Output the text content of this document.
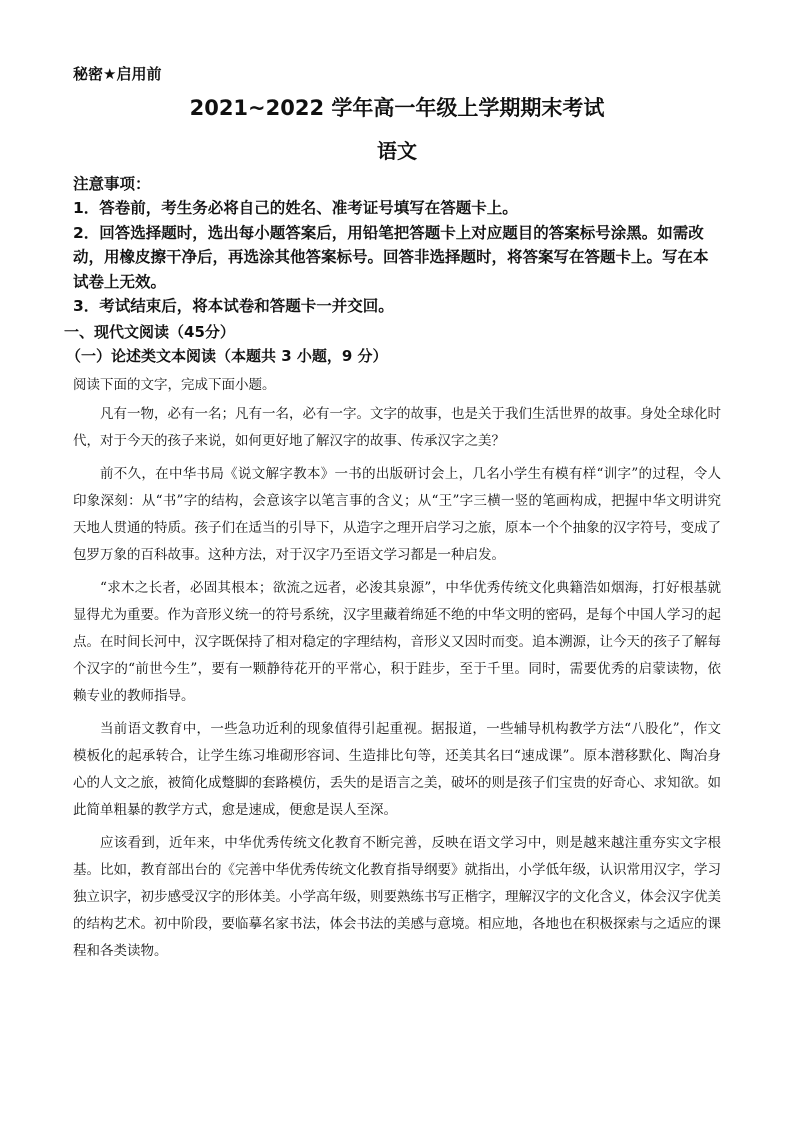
秘密★启用前
2021~2022 学年高一年级上学期期末考试
语文

注意事项：

1．答卷前，考生务必将自己的姓名、准考证号填写在答题卡上。

2．回答选择题时，选出每小题答案后，用铅笔把答题卡上对应题目的答案标号涂黑。如需改动，用橡皮擦干净后，再选涂其他答案标号。回答非选择题时，将答案写在答题卡上。写在本试卷上无效。

3．考试结束后，将本试卷和答题卡一并交回。

一、现代文阅读（45分）
（一）论述类文本阅读（本题共 3 小题，9 分）
阅读下面的文字，完成下面小题。

凡有一物，必有一名；凡有一名，必有一字。文字的故事，也是关于我们生活世界的故事。身处全球化时代，对于今天的孩子来说，如何更好地了解汉字的故事、传承汉字之美？

前不久，在中华书局《说文解字教本》一书的出版研讨会上，几名小学生有模有样“训字”的过程，令人印象深刻：从“书”字的结构，会意该字以笔言事的含义；从“王”字三横一竖的笔画构成，把握中华文明讲究天地人贯通的特质。孩子们在适当的引导下，从造字之理开启学习之旅，原本一个个抽象的汉字符号，变成了包罗万象的百科故事。这种方法，对于汉字乃至语文学习都是一种启发。

“求木之长者，必固其根本；欲流之远者，必浚其泉源”，中华优秀传统文化典籍浩如烟海，打好根基就显得尤为重要。作为音形义统一的符号系统，汉字里藏着绵延不绝的中华文明的密码，是每个中国人学习的起点。在时间长河中，汉字既保持了相对稳定的字理结构，音形义又因时而变。追本溯源，让今天的孩子了解每个汉字的“前世今生”，要有一颗静待花开的平常心，积于跬步，至于千里。同时，需要优秀的启蒙读物，依赖专业的教师指导。

当前语文教育中，一些急功近利的现象值得引起重视。据报道，一些辅导机构教学方法“八股化”，作文模板化的起承转合，让学生练习堆砌形容词、生造排比句等，还美其名曰“速成课”。原本潜移默化、陶冶身心的人文之旅，被简化成蹩脚的套路模仿，丢失的是语言之美，破坏的则是孩子们宝贵的好奇心、求知欲。如此简单粗暴的教学方式，愈是速成，便愈是误人至深。

应该看到，近年来，中华优秀传统文化教育不断完善，反映在语文学习中，则是越来越注重夯实文字根基。比如，教育部出台的《完善中华优秀传统文化教育指导纲要》就指出，小学低年级，认识常用汉字，学习独立识字，初步感受汉字的形体美。小学高年级，则要熟练书写正楷字，理解汉字的文化含义，体会汉字优美的结构艺术。初中阶段，要临摹名家书法，体会书法的美感与意境。相应地，各地也在积极探索与之适应的课程和各类读物。
